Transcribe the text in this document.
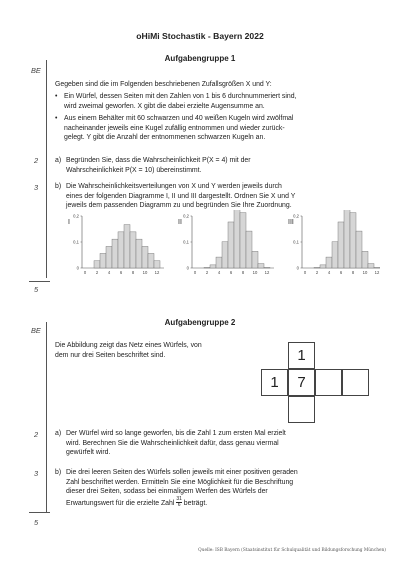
oHiMi Stochastik - Bayern 2022
Aufgabengruppe 1
BE
Gegeben sind die im Folgenden beschriebenen Zufallsgrößen X und Y:
• Ein Würfel, dessen Seiten mit den Zahlen von 1 bis 6 durchnummeriert sind,
wird zweimal geworfen. X gibt die dabei erzielte Augensumme an.
• Aus einem Behälter mit 60 schwarzen und 40 weißen Kugeln wird zwölfmal
nacheinander jeweils eine Kugel zufällig entnommen und wieder zurück-
gelegt. Y gibt die Anzahl der entnommenen schwarzen Kugeln an.
2 a) Begründen Sie, dass die Wahrscheinlichkeit P(X = 4) mit der
Wahrscheinlichkeit P(X = 10) übereinstimmt.
3 b) Die Wahrscheinlichkeitsverteilungen von X und Y werden jeweils durch
eines der folgenden Diagramme I, II und III dargestellt. Ordnen Sie X und Y
jeweils dem passenden Diagramm zu und begründen Sie Ihre Zuordnung.
I
0
0,1
0,2
0 2 4 6 8 10 12
II
0
0,1
0,2
0 2 4 6 8 10 12
III
0
0,1
0,2
0 2 4 6 8 10 12
5
Aufgabengruppe 2
BE
Die Abbildung zeigt das Netz eines Würfels, von
dem nur drei Seiten beschriftet sind.	1
1	7
2 a) Der Würfel wird so lange geworfen, bis die Zahl 1 zum ersten Mal erzielt
wird. Berechnen Sie die Wahrscheinlichkeit dafür, dass genau viermal
gewürfelt wird.
3 b) Die drei leeren Seiten des Würfels sollen jeweils mit einer positiven geraden
Zahl beschriftet werden. Ermitteln Sie eine Möglichkeit für die Beschriftung
dieser drei Seiten, sodass bei einmaligem Werfen des Würfels der
Erwartungswert für die erzielte Zahl $\frac{31}{6}$ beträgt.
5
Quelle: ISB Bayern (Staatsinstitut für Schulqualität und Bildungsforschung München)
